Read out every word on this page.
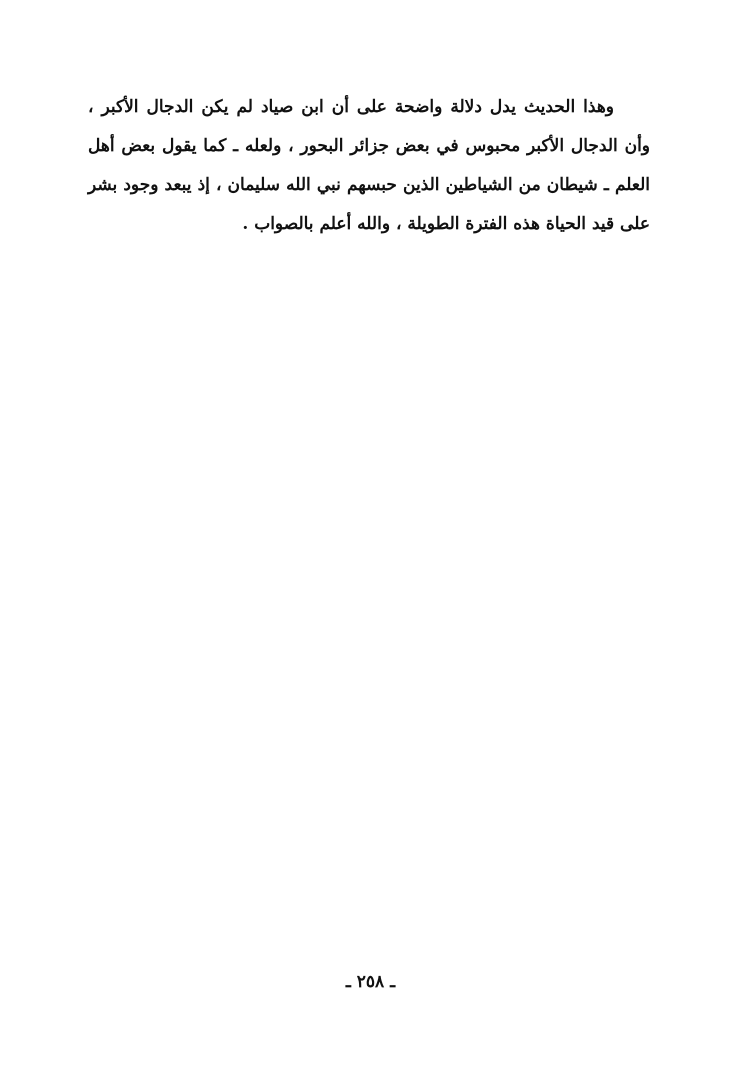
وهذا الحديث يدل دلالة واضحة على أن ابن صياد لم يكن الدجال الأكبر ،
وأن الدجال الأكبر محبوس في بعض جزائر البحور ، ولعله ـ كما يقول بعض أهل
العلم ـ شيطان من الشياطين الذين حبسهم نبي الله سليمان ، إذ يبعد وجود بشر
على قيد الحياة هذه الفترة الطويلة ، والله أعلم بالصواب .
ـ ٢٥٨ ـ
